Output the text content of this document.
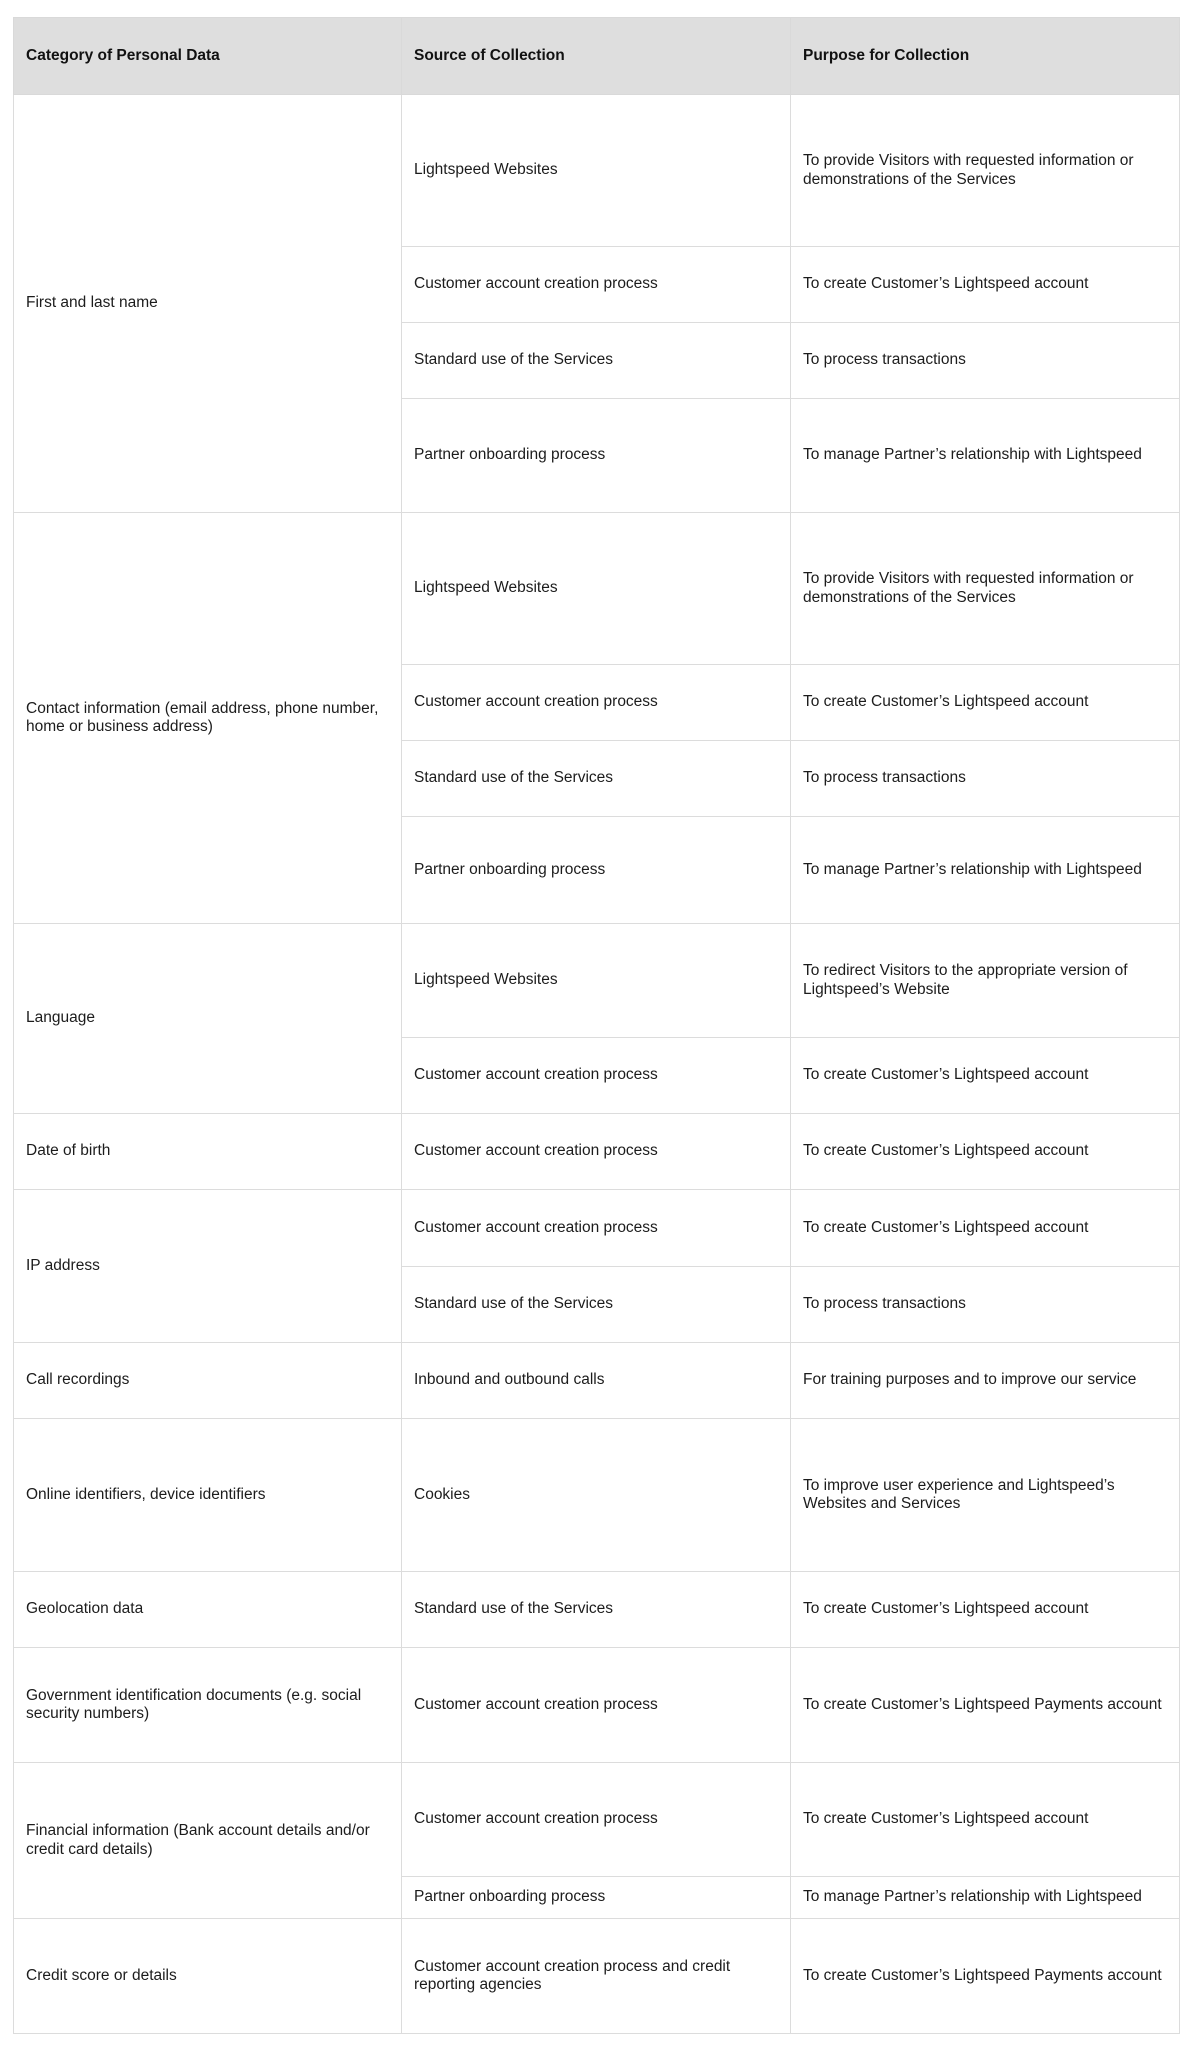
Category of Personal Data	Source of Collection	Purpose for Collection
First and last name	Lightspeed Websites	To provide Visitors with requested information or demonstrations of the Services
	Customer account creation process	To create Customer’s Lightspeed account
	Standard use of the Services	To process transactions
	Partner onboarding process	To manage Partner’s relationship with Lightspeed
Contact information (email address, phone number, home or business address)	Lightspeed Websites	To provide Visitors with requested information or demonstrations of the Services
	Customer account creation process	To create Customer’s Lightspeed account
	Standard use of the Services	To process transactions
	Partner onboarding process	To manage Partner’s relationship with Lightspeed
Language	Lightspeed Websites	To redirect Visitors to the appropriate version of Lightspeed’s Website
	Customer account creation process	To create Customer’s Lightspeed account
Date of birth	Customer account creation process	To create Customer’s Lightspeed account
IP address	Customer account creation process	To create Customer’s Lightspeed account
	Standard use of the Services	To process transactions
Call recordings	Inbound and outbound calls	For training purposes and to improve our service
Online identifiers, device identifiers	Cookies	To improve user experience and Lightspeed’s Websites and Services
Geolocation data	Standard use of the Services	To create Customer’s Lightspeed account
Government identification documents (e.g. social security numbers)	Customer account creation process	To create Customer’s Lightspeed Payments account
Financial information (Bank account details and/or credit card details)	Customer account creation process	To create Customer’s Lightspeed account
	Partner onboarding process	To manage Partner’s relationship with Lightspeed
Credit score or details	Customer account creation process and credit reporting agencies	To create Customer’s Lightspeed Payments account
